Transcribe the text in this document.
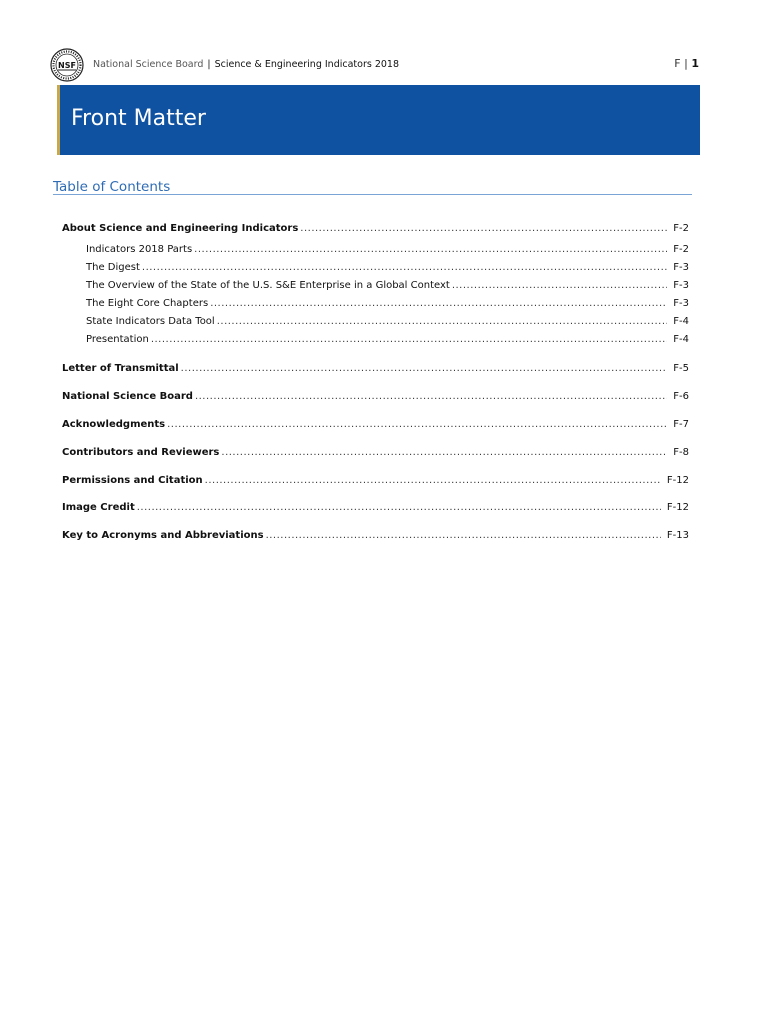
NSF National Science Board | Science & Engineering Indicators 2018	F | 1
Front Matter
Table of Contents
About Science and Engineering Indicators .....	F-2
Indicators 2018 Parts .....	F-2
The Digest .....	F-3
The Overview of the State of the U.S. S&E Enterprise in a Global Context .....	F-3
The Eight Core Chapters .....	F-3
State Indicators Data Tool .....	F-4
Presentation .....	F-4
Letter of Transmittal .....	F-5
National Science Board .....	F-6
Acknowledgments .....	F-7
Contributors and Reviewers .....	F-8
Permissions and Citation .....	F-12
Image Credit .....	F-12
Key to Acronyms and Abbreviations .....	F-13
